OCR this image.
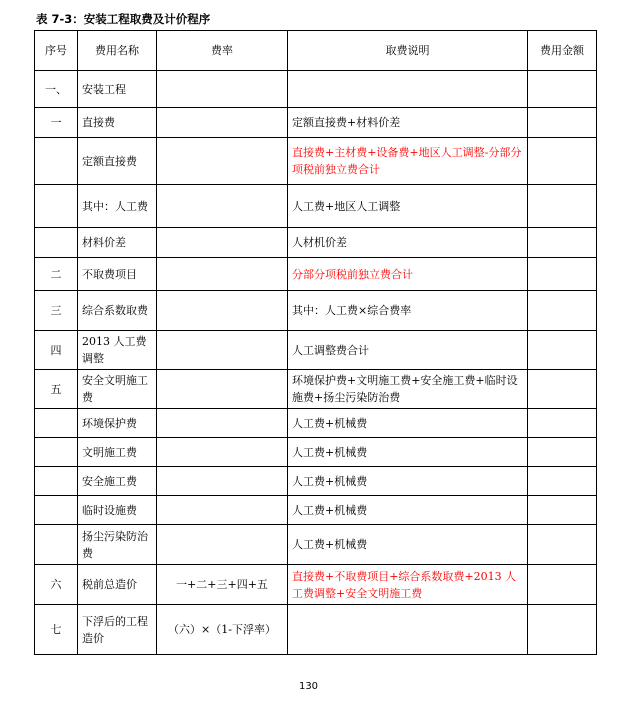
表 7-3：安装工程取费及计价程序
序号	费用名称	费率	取费说明	费用金额
一、	安装工程			
一	直接费		定额直接费+材料价差	
	定额直接费		直接费+主材费+设备费+地区人工调整-分部分项税前独立费合计	
	其中：人工费		人工费+地区人工调整	
	材料价差		人材机价差	
二	不取费项目		分部分项税前独立费合计	
三	综合系数取费		其中：人工费×综合费率	
四	2013 人工费调整		人工调整费合计	
五	安全文明施工费		环境保护费+文明施工费+安全施工费+临时设施费+扬尘污染防治费	
	环境保护费		人工费+机械费	
	文明施工费		人工费+机械费	
	安全施工费		人工费+机械费	
	临时设施费		人工费+机械费	
	扬尘污染防治费		人工费+机械费	
六	税前总造价	一+二+三+四+五	直接费+不取费项目+综合系数取费+2013 人工费调整+安全文明施工费	
七	下浮后的工程造价	（六）×（1-下浮率）		
130
